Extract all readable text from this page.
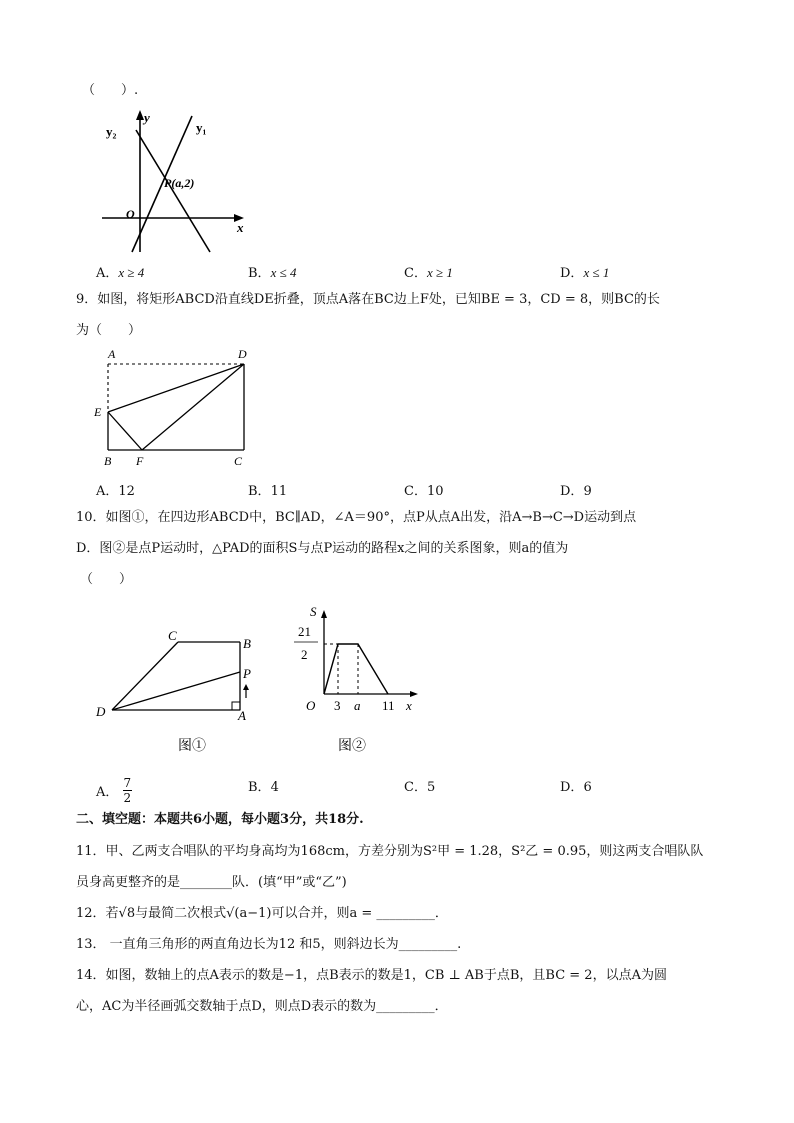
（　　）.
y₂
y
y₁
P(a,2)
O
x
A．x ≥ 4	B．x ≤ 4	C．x ≥ 1	D．x ≤ 1
9．如图，将矩形ABCD沿直线DE折叠，顶点A落在BC边上F处，已知BE = 3，CD = 8，则BC的长
为（　　）
A	D
E
B F	C
A．12	B．11	C．10	D．9
10．如图①，在四边形ABCD中，BC∥AD，∠A＝90°，点P从点A出发，沿A→B→C→D运动到点
D．图②是点P运动时，△PAD的面积S与点P运动的路程x之间的关系图象，则a的值为
（　　）
C
B
P
D	A
图①
S
21
2
O 3 a 11 x
图②
A． $\frac{7}{2}$	B．4	C．5	D．6
二、填空题：本题共6小题，每小题3分，共18分.
11．甲、乙两支合唱队的平均身高均为168cm，方差分别为S²甲 = 1.28，S²乙 = 0.95，则这两支合唱队队
员身高更整齐的是________队．(填“甲”或“乙”)
12．若√8与最简二次根式√(a−1)可以合并，则a = _________．
13． 一直角三角形的两直角边长为12 和5，则斜边长为_________.
14．如图，数轴上的点A表示的数是−1，点B表示的数是1，CB ⊥ AB于点B，且BC = 2，以点A为圆
心，AC为半径画弧交数轴于点D，则点D表示的数为_________．
